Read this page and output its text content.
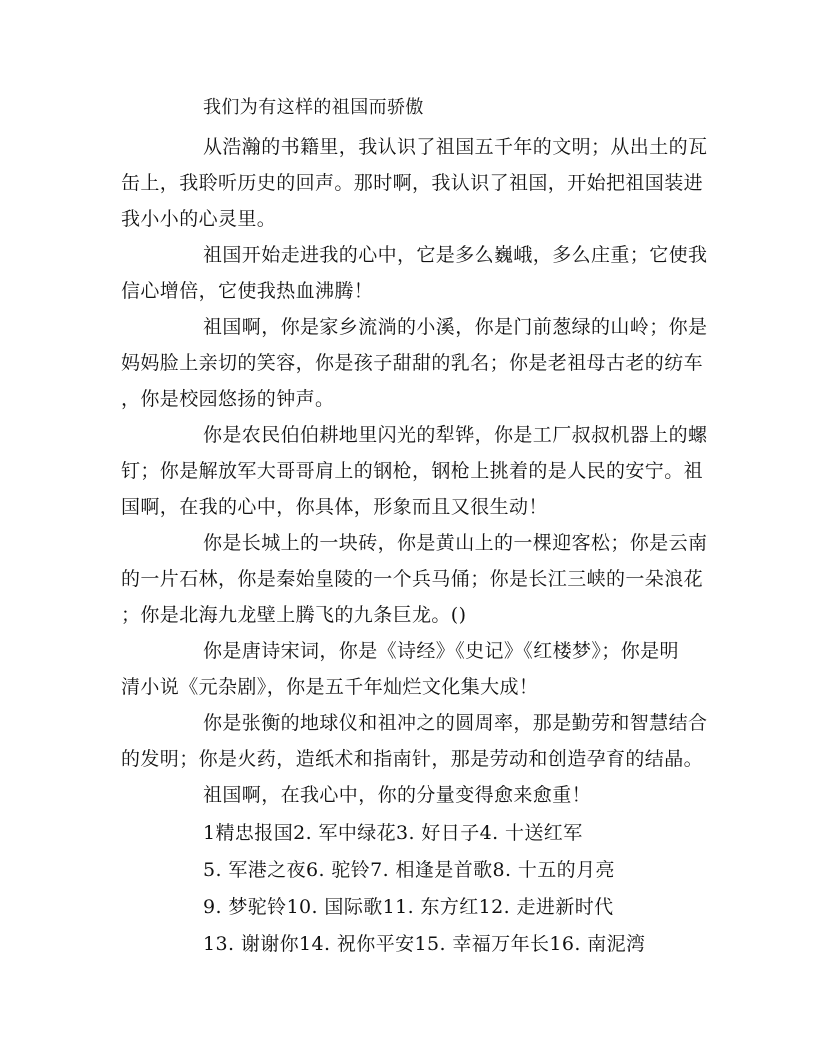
我们为有这样的祖国而骄傲
从浩瀚的书籍里，我认识了祖国五千年的文明；从出土的瓦
缶上，我聆听历史的回声。那时啊，我认识了祖国，开始把祖国装进
我小小的心灵里。
祖国开始走进我的心中，它是多么巍峨，多么庄重；它使我
信心增倍，它使我热血沸腾！
祖国啊，你是家乡流淌的小溪，你是门前葱绿的山岭；你是
妈妈脸上亲切的笑容，你是孩子甜甜的乳名；你是老祖母古老的纺车
，你是校园悠扬的钟声。
你是农民伯伯耕地里闪光的犁铧，你是工厂叔叔机器上的螺
钉；你是解放军大哥哥肩上的钢枪，钢枪上挑着的是人民的安宁。祖
国啊，在我的心中，你具体，形象而且又很生动！
你是长城上的一块砖，你是黄山上的一棵迎客松；你是云南
的一片石林，你是秦始皇陵的一个兵马俑；你是长江三峡的一朵浪花
；你是北海九龙壁上腾飞的九条巨龙。()
你是唐诗宋词，你是《诗经》《史记》《红楼梦》；你是明
清小说《元杂剧》，你是五千年灿烂文化集大成！
你是张衡的地球仪和祖冲之的圆周率，那是勤劳和智慧结合
的发明；你是火药，造纸术和指南针，那是劳动和创造孕育的结晶。
祖国啊，在我心中，你的分量变得愈来愈重！
1精忠报国2. 军中绿花3. 好日子4. 十送红军
5. 军港之夜6. 驼铃7. 相逢是首歌8. 十五的月亮
9. 梦驼铃10. 国际歌11. 东方红12. 走进新时代
13. 谢谢你14. 祝你平安15. 幸福万年长16. 南泥湾
